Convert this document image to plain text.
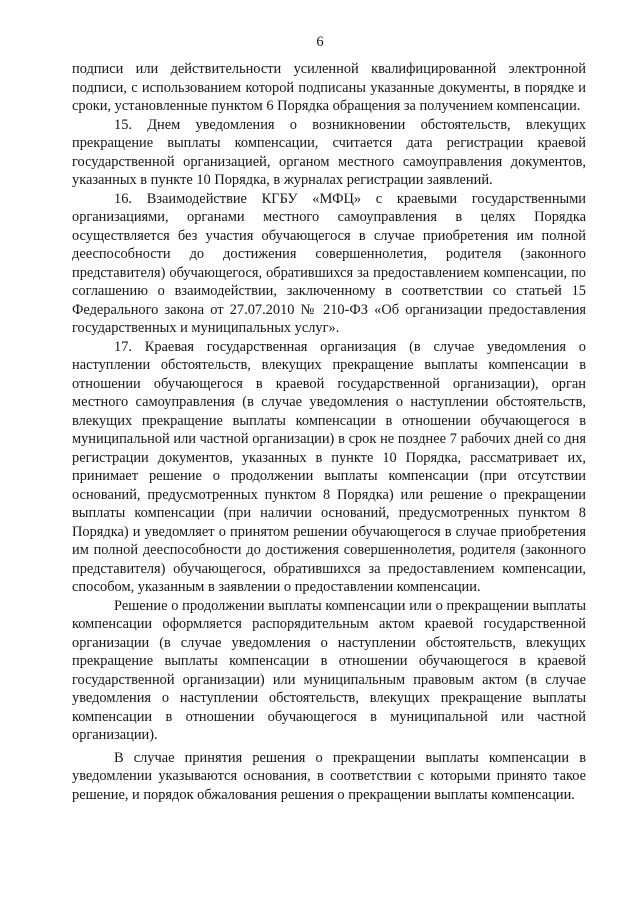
6

подписи или действительности усиленной квалифицированной электронной подписи, с использованием которой подписаны указанные документы, в порядке и сроки, установленные пунктом 6 Порядка обращения за получением компенсации.

15. Днем уведомления о возникновении обстоятельств, влекущих прекращение выплаты компенсации, считается дата регистрации краевой государственной организацией, органом местного самоуправления документов, указанных в пункте 10 Порядка, в журналах регистрации заявлений.

16. Взаимодействие КГБУ «МФЦ» с краевыми государственными организациями, органами местного самоуправления в целях Порядка осуществляется без участия обучающегося в случае приобретения им полной дееспособности до достижения совершеннолетия, родителя (законного представителя) обучающегося, обратившихся за предоставлением компенсации, по соглашению о взаимодействии, заключенному в соответствии со статьей 15 Федерального закона от 27.07.2010 № 210-ФЗ «Об организации предоставления государственных и муниципальных услуг».

17. Краевая государственная организация (в случае уведомления о наступлении обстоятельств, влекущих прекращение выплаты компенсации в отношении обучающегося в краевой государственной организации), орган местного самоуправления (в случае уведомления о наступлении обстоятельств, влекущих прекращение выплаты компенсации в отношении обучающегося в муниципальной или частной организации) в срок не позднее 7 рабочих дней со дня регистрации документов, указанных в пункте 10 Порядка, рассматривает их, принимает решение о продолжении выплаты компенсации (при отсутствии оснований, предусмотренных пунктом 8 Порядка) или решение о прекращении выплаты компенсации (при наличии оснований, предусмотренных пунктом 8 Порядка) и уведомляет о принятом решении обучающегося в случае приобретения им полной дееспособности до достижения совершеннолетия, родителя (законного представителя) обучающегося, обратившихся за предоставлением компенсации, способом, указанным в заявлении о предоставлении компенсации.

Решение о продолжении выплаты компенсации или о прекращении выплаты компенсации оформляется распорядительным актом краевой государственной организации (в случае уведомления о наступлении обстоятельств, влекущих прекращение выплаты компенсации в отношении обучающегося в краевой государственной организации) или муниципальным правовым актом (в случае уведомления о наступлении обстоятельств, влекущих прекращение выплаты компенсации в отношении обучающегося в муниципальной или частной организации).

В случае принятия решения о прекращении выплаты компенсации в уведомлении указываются основания, в соответствии с которыми принято такое решение, и порядок обжалования решения о прекращении выплаты компенсации.
